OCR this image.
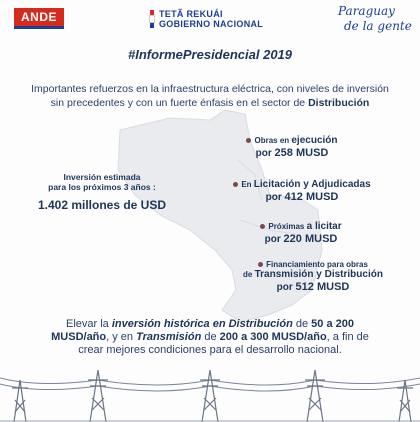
ANDE	TETÃ REKUÁI
GOBIERNO NACIONAL
Paraguay
de la gente
#InformePresidencial 2019
Importantes refuerzos en la infraestructura eléctrica, con niveles de inversión
sin precedentes y con un fuerte énfasis en el sector de Distribución
Inversión estimada
para los próximos 3 años :
1.402 millones de USD
Obras en ejecución
por 258 MUSD
En Licitación y Adjudicadas
por 412 MUSD
Próximas a licitar
por 220 MUSD
Financiamiento para obras
de Transmisión y Distribución
por 512 MUSD
Elevar la inversión histórica en Distribución de 50 a 200
MUSD/año, y en Transmisión de 200 a 300 MUSD/año, a fin de
crear mejores condiciones para el desarrollo nacional.
